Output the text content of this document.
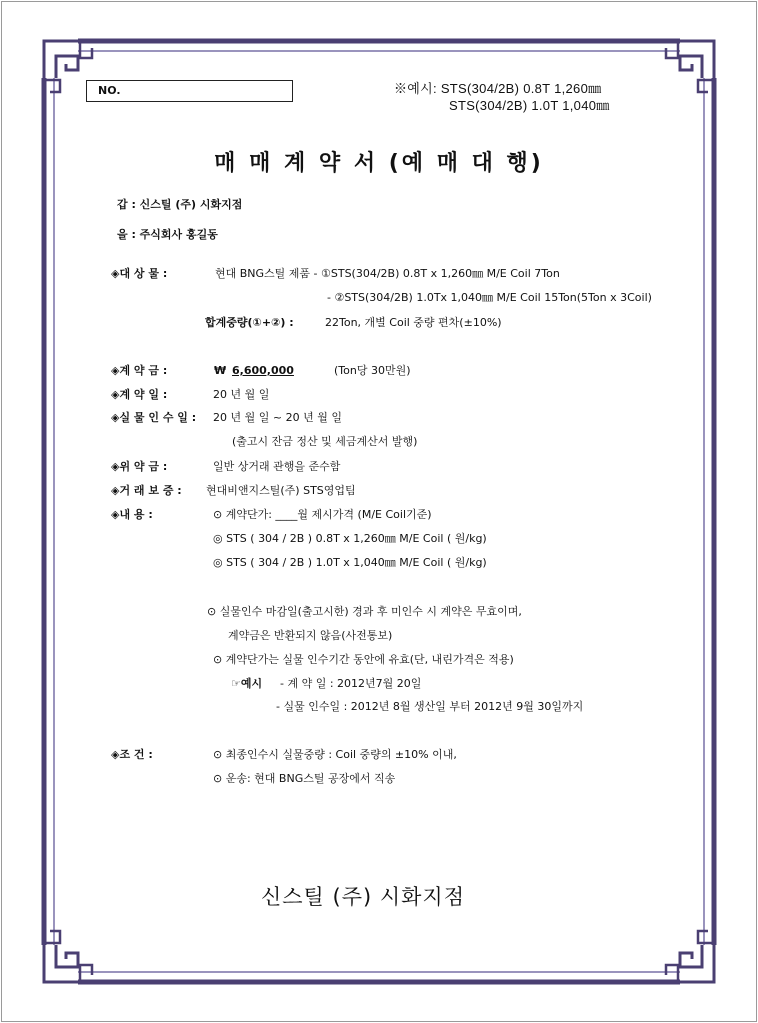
NO.	※예시: STS(304/2B) 0.8T 1,260㎜
STS(304/2B) 1.0T 1,040㎜
매 매 계 약 서 (예 매 대 행)
갑 : 신스틸 (주) 시화지점
을 : 주식회사 홍길동
◈대 상 물 :	현대 BNG스틸 제품 - ①STS(304/2B) 0.8T x 1,260㎜ M/E Coil 7Ton
- ②STS(304/2B) 1.0Tx 1,040㎜ M/E Coil 15Ton(5Ton x 3Coil)
합계중량(①+②) :	22Ton, 개별 Coil 중량 편차(±10%)
◈계 약 금 :	₩ 6,600,000	(Ton당 30만원)
◈계 약 일 :	20 년 월 일
◈실 물 인 수 일 : 20 년 월 일 ~ 20 년 월 일
(출고시 잔금 정산 및 세금계산서 발행)
◈위 약 금 :	일반 상거래 관행을 준수함
◈거 래 보 증 : 현대비앤지스틸(주) STS영업팀
◈내 용 :	⊙ 계약단가: ____월 제시가격 (M/E Coil기준)
◎ STS ( 304 / 2B ) 0.8T x 1,260㎜ M/E Coil ( 원/kg)
◎ STS ( 304 / 2B ) 1.0T x 1,040㎜ M/E Coil ( 원/kg)
⊙ 실물인수 마감일(출고시한) 경과 후 미인수 시 계약은 무효이며,
계약금은 반환되지 않음(사전통보)
⊙ 계약단가는 실물 인수기간 동안에 유효(단, 내린가격은 적용)
☞예시 - 계 약 일 : 2012년7월 20일
- 실물 인수일 : 2012년 8월 생산일 부터 2012년 9월 30일까지
◈조 건 :	⊙ 최종인수시 실물중량 : Coil 중량의 ±10% 이내,
⊙ 운송: 현대 BNG스틸 공장에서 직송
신스틸 (주) 시화지점
